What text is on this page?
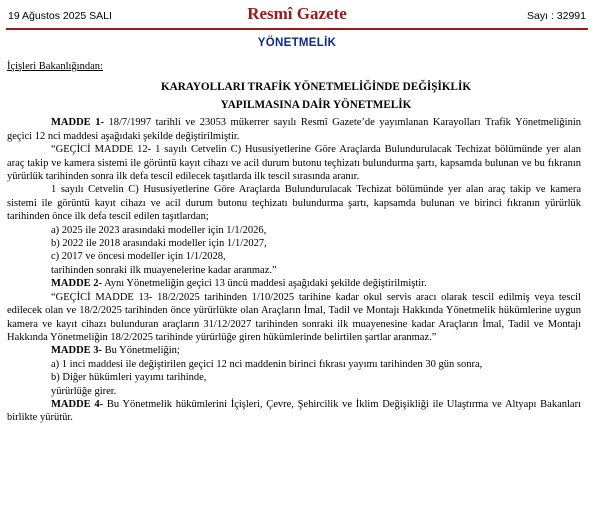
19 Ağustos 2025 SALI	Resmî Gazete	Sayı : 32991
YÖNETMELİK

İçişleri Bakanlığından:

KARAYOLLARI TRAFİK YÖNETMELİĞİNDE DEĞİŞİKLİK

YAPILMASINA DAİR YÖNETMELİK

MADDE 1- 18/7/1997 tarihli ve 23053 mükerrer sayılı Resmî Gazete’de yayımlanan Karayolları Trafik Yönetmeliğinin geçici 12 nci maddesi aşağıdaki şekilde değiştirilmiştir.

“GEÇİCİ MADDE 12- 1 sayılı Cetvelin C) Hususiyetlerine Göre Araçlarda Bulundurulacak Techizat bölümünde yer alan araç takip ve kamera sistemi ile görüntü kayıt cihazı ve acil durum butonu teçhizatı bulundurma şartı, kapsamda bulunan ve bu fıkranın yürürlük tarihinden sonra ilk defa tescil edilecek taşıtlarda ilk tescil sırasında aranır.

1 sayılı Cetvelin C) Hususiyetlerine Göre Araçlarda Bulundurulacak Techizat bölümünde yer alan araç takip ve kamera sistemi ile görüntü kayıt cihazı ve acil durum butonu teçhizatı bulundurma şartı, kapsamda bulunan ve birinci fıkranın yürürlük tarihinden önce ilk defa tescil edilen taşıtlardan;

a) 2025 ile 2023 arasındaki modeller için 1/1/2026,

b) 2022 ile 2018 arasındaki modeller için 1/1/2027,

c) 2017 ve öncesi modeller için 1/1/2028,

tarihinden sonraki ilk muayenelerine kadar aranmaz.”

MADDE 2- Aynı Yönetmeliğin geçici 13 üncü maddesi aşağıdaki şekilde değiştirilmiştir.

“GEÇİCİ MADDE 13- 18/2/2025 tarihinden 1/10/2025 tarihine kadar okul servis aracı olarak tescil edilmiş veya tescil edilecek olan ve 18/2/2025 tarihinden önce yürürlükte olan Araçların İmal, Tadil ve Montajı Hakkında Yönetmelik hükümlerine uygun kamera ve kayıt cihazı bulunduran araçların 31/12/2027 tarihinden sonraki ilk muayenesine kadar Araçların İmal, Tadil ve Montajı Hakkında Yönetmeliğin 18/2/2025 tarihinde yürürlüğe giren hükümlerinde belirtilen şartlar aranmaz.”

MADDE 3- Bu Yönetmeliğin;

a) 1 inci maddesi ile değiştirilen geçici 12 nci maddenin birinci fıkrası yayımı tarihinden 30 gün sonra,

b) Diğer hükümleri yayımı tarihinde,

yürürlüğe girer.

MADDE 4- Bu Yönetmelik hükümlerini İçişleri, Çevre, Şehircilik ve İklim Değişikliği ile Ulaştırma ve Altyapı Bakanları birlikte yürütür.
